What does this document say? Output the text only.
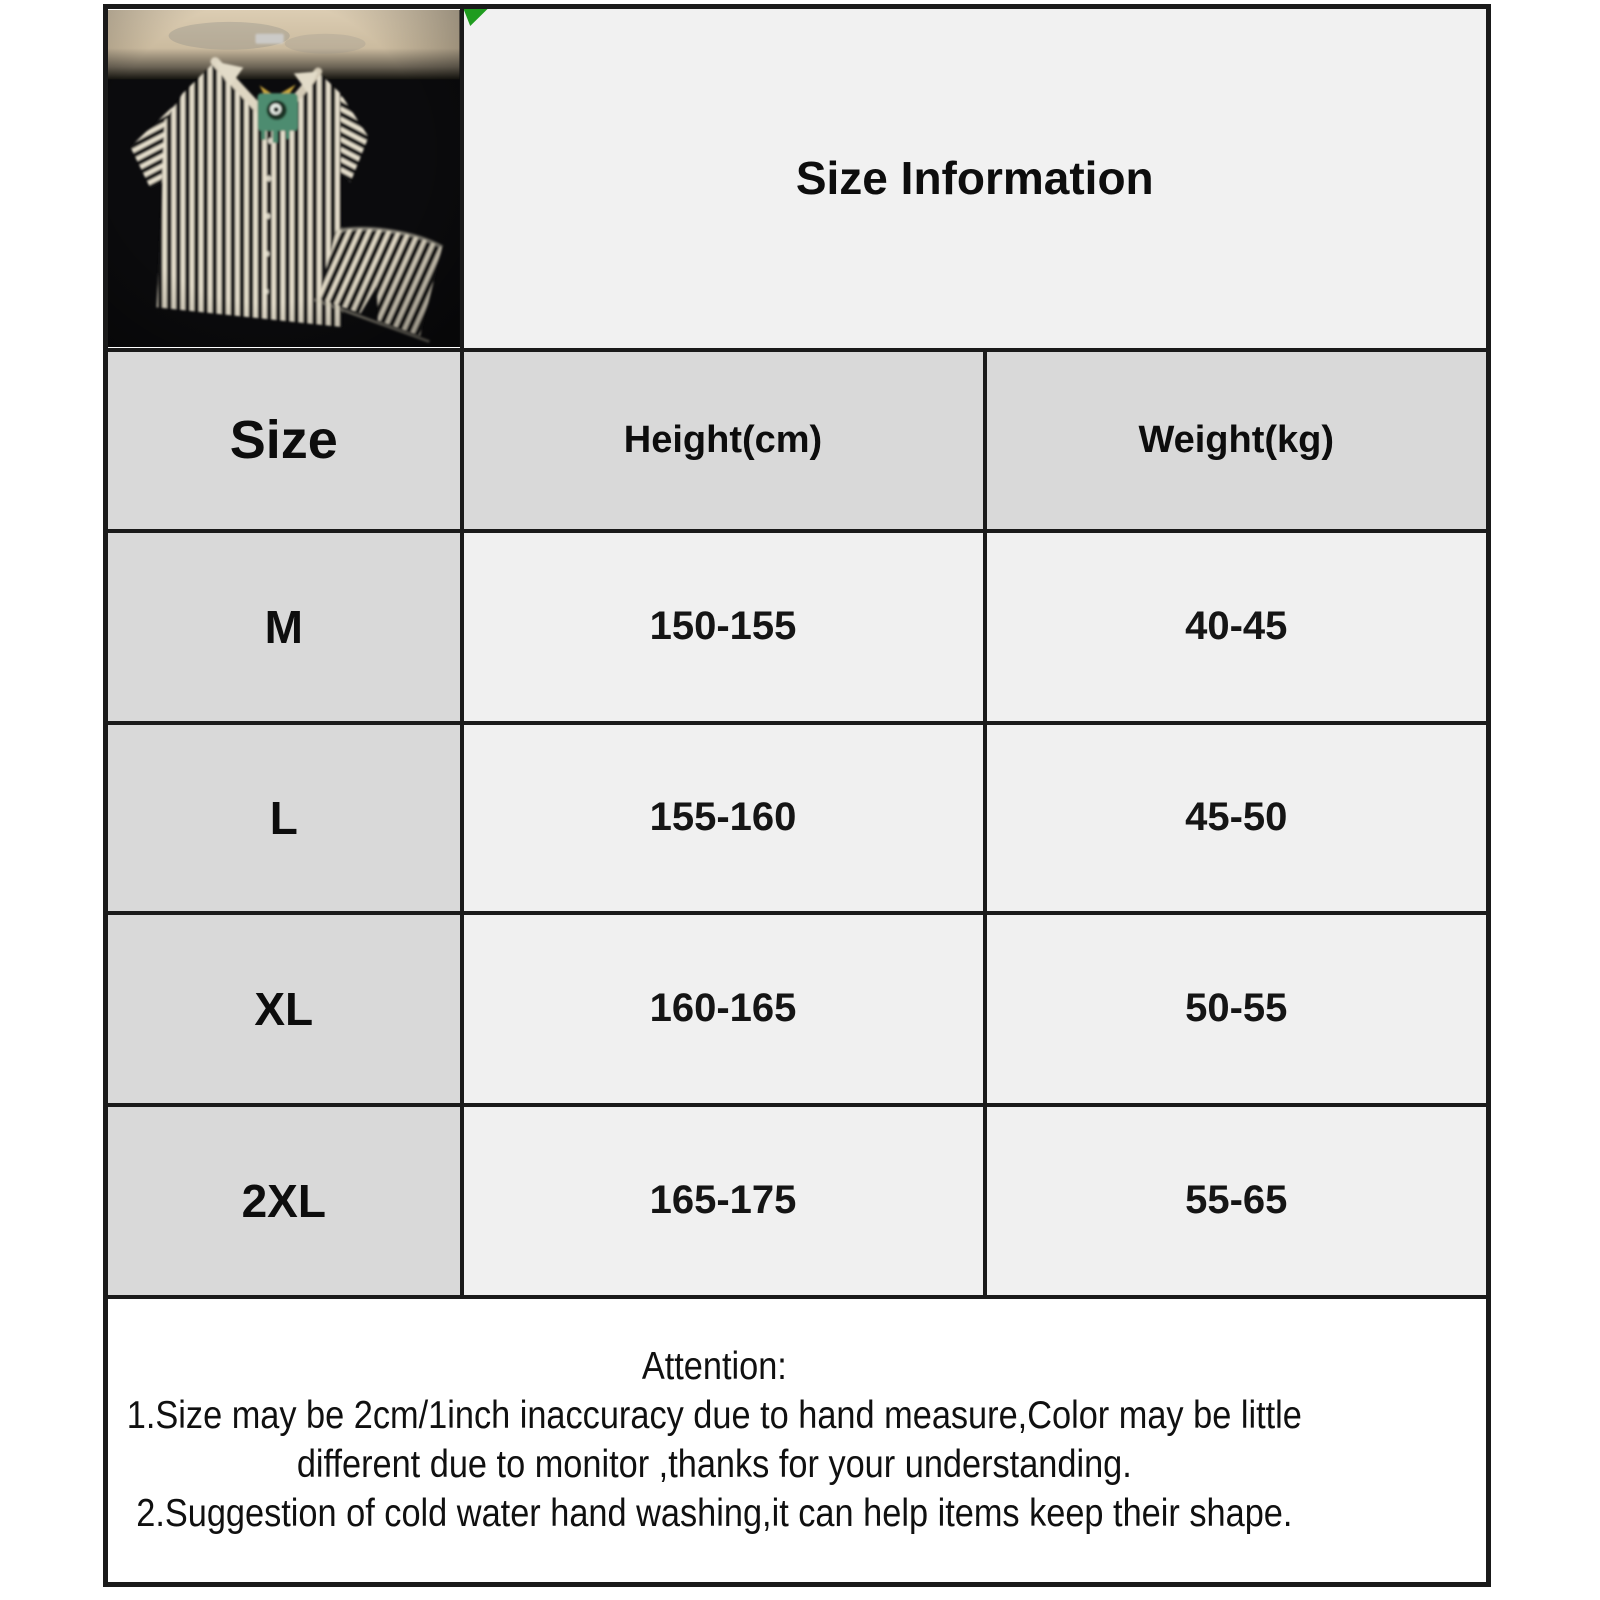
Size Information	

Size	Height(cm)	Weight(kg)
M	150-155	40-45
L	155-160	45-50
XL	160-165	50-55
2XL	165-175	55-65

Attention:
1.Size may be 2cm/1inch inaccuracy due to hand measure,Color may be little
different due to monitor ,thanks for your understanding.
2.Suggestion of cold water hand washing,it can help items keep their shape.		
